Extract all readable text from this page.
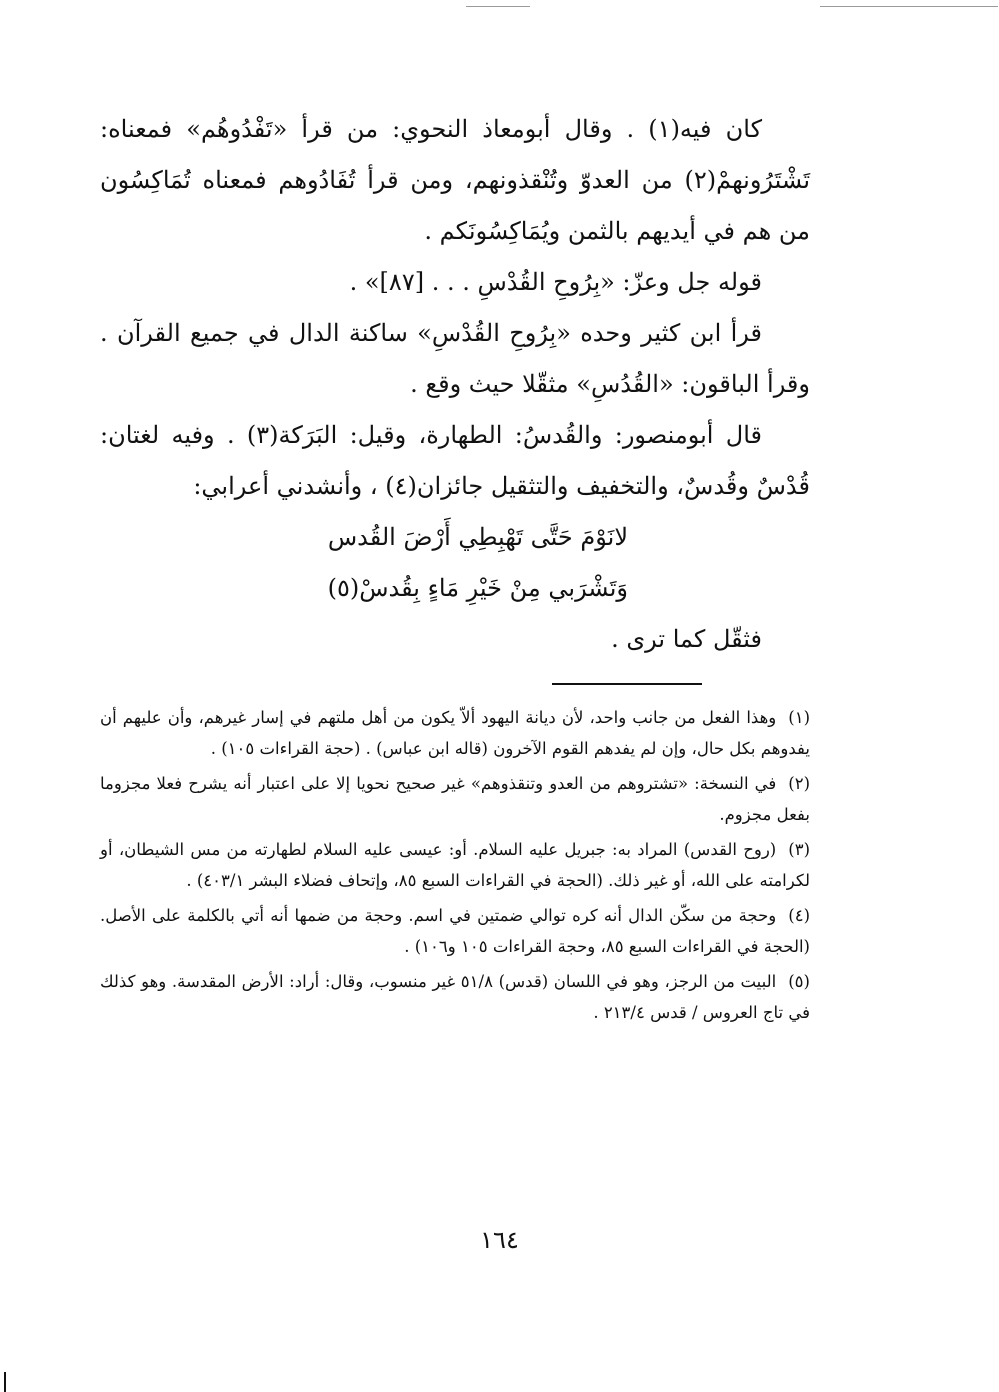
كان فيه(١) . وقال أبومعاذ النحوي: من قرأ «تَفْدُوهُم» فمعناه: تَشْتَرُونهمْ(٢) من العدوّ وتُنْقذونهم، ومن قرأ تُفَادُوهم فمعناه تُمَاكِسُون من هم في أيديهم بالثمن ويُمَاكِسُونَكم .

قوله جل وعزّ: «بِرُوحِ القُدْسِ . . . [٨٧]» .

قرأ ابن كثير وحده «بِرُوحِ القُدْسِ» ساكنة الدال في جميع القرآن . وقرأ الباقون: «القُدُسِ» مثقّلا حيث وقع .

قال أبومنصور: والقُدسُ: الطهارة، وقيل: البَرَكة(٣) . وفيه لغتان: قُدْسٌ وقُدسٌ، والتخفيف والتثقيل جائزان(٤) ، وأنشدني أعرابي:

لانَوْمَ حَتَّى تَهْبِطِي أَرْضَ القُدس
وَتَشْرَبي مِنْ خَيْرِ مَاءٍ بِقُدسْ(٥)

فثقّل كما ترى .

(١)وهذا الفعل من جانب واحد، لأن ديانة اليهود ألاّ يكون من أهل ملتهم في إسار غيرهم، وأن عليهم أن يفدوهم بكل حال، وإن لم يفدهم القوم الآخرون (قاله ابن عباس) . (حجة القراءات ١٠٥) .

(٢)في النسخة: «تشتروهم من العدو وتنقذوهم» غير صحيح نحويا إلا على اعتبار أنه يشرح فعلا مجزوما بفعل مجزوم.

(٣)(روح القدس) المراد به: جبريل عليه السلام. أو: عيسى عليه السلام لطهارته من مس الشيطان، أو لكرامته على الله، أو غير ذلك. (الحجة في القراءات السبع ٨٥، وإتحاف فضلاء البشر ٤٠٣/١) .

(٤)وحجة من سكّن الدال أنه كره توالي ضمتين في اسم. وحجة من ضمها أنه أتي بالكلمة على الأصل. (الحجة في القراءات السبع ٨٥، وحجة القراءات ١٠٥ و١٠٦) .

(٥)البيت من الرجز، وهو في اللسان (قدس) ٥١/٨ غير منسوب، وقال: أراد: الأرض المقدسة. وهو كذلك في تاج العروس / قدس ٢١٣/٤ .

١٦٤
